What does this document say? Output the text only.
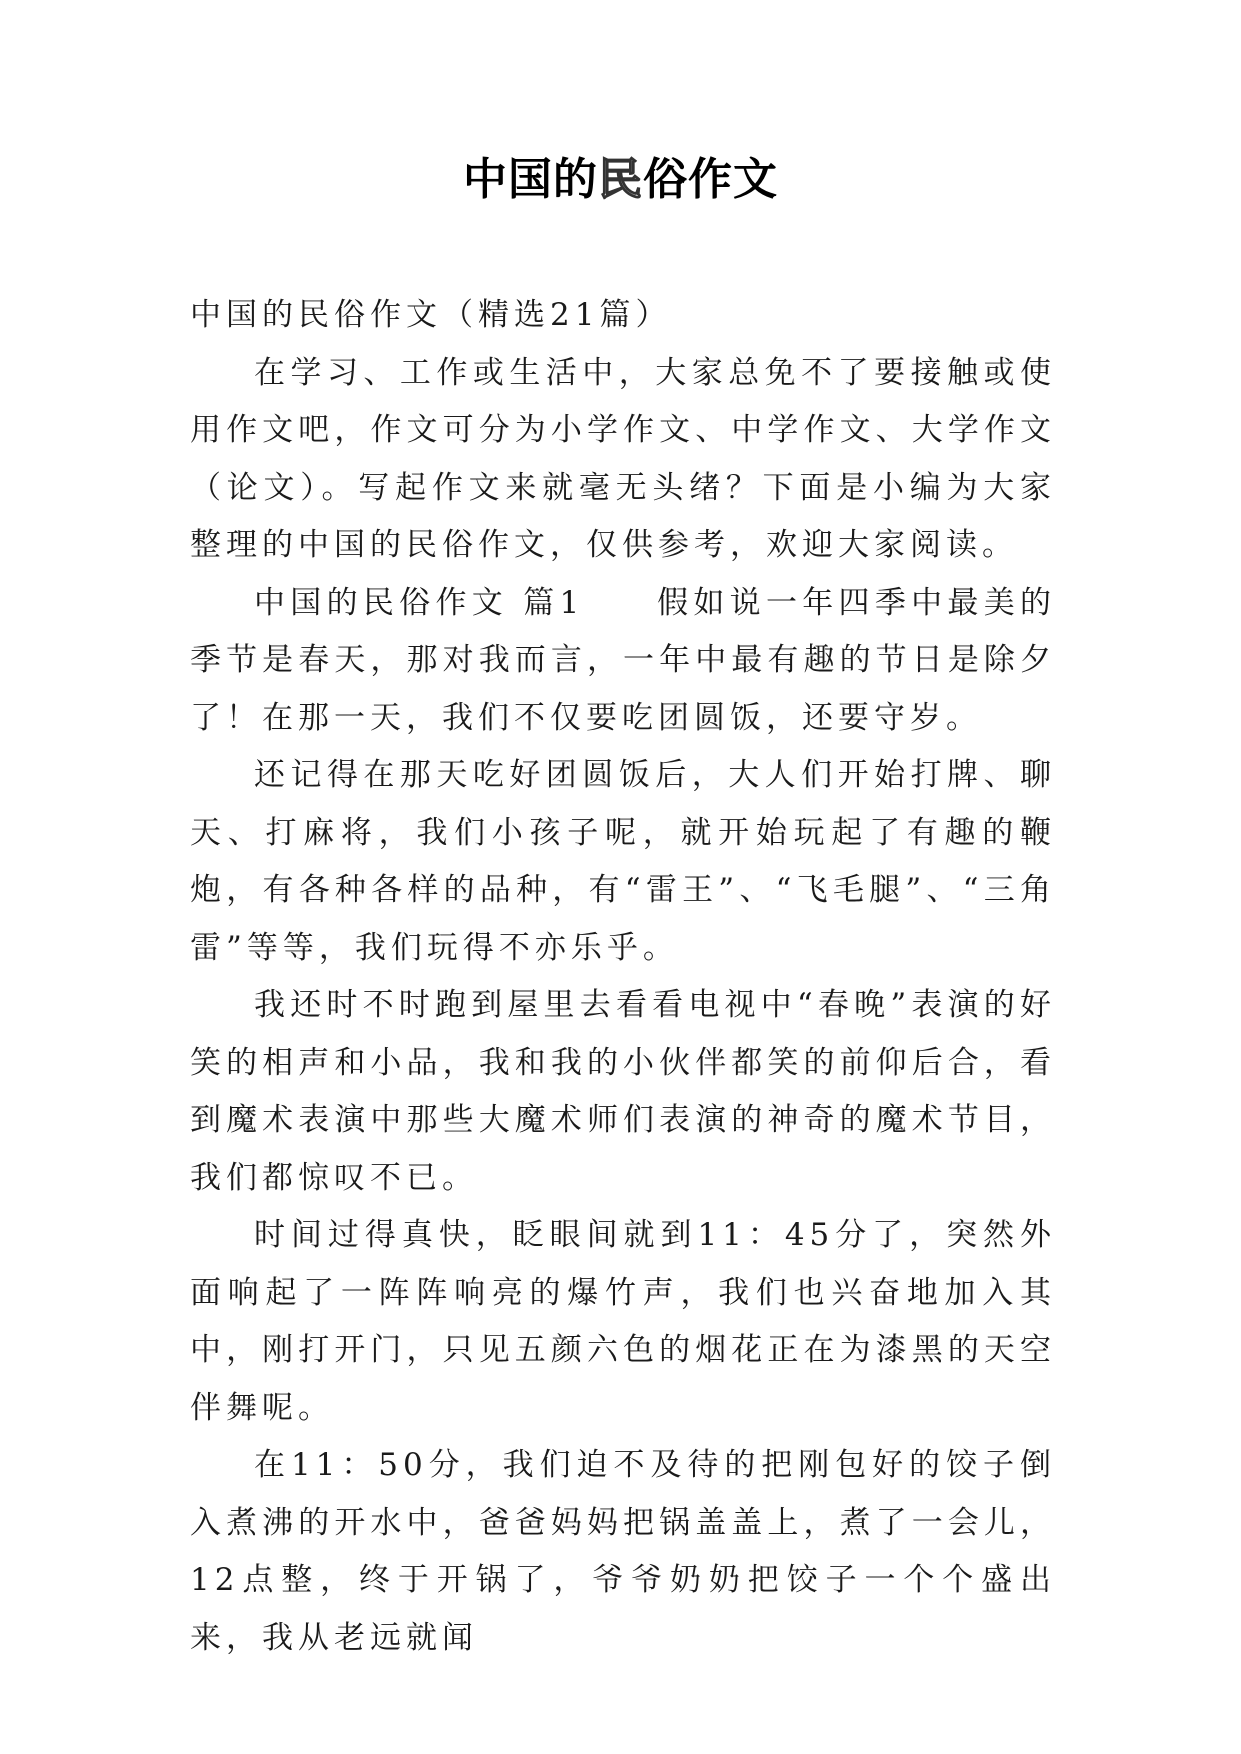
中国的民俗作文

中国的民俗作文（精选21篇）

在学习、工作或生活中，大家总免不了要接触或使用作文吧，作文可分为小学作文、中学作文、大学作文（论文）。写起作文来就毫无头绪？下面是小编为大家整理的中国的民俗作文，仅供参考，欢迎大家阅读。

中国的民俗作文 篇1　　假如说一年四季中最美的季节是春天，那对我而言，一年中最有趣的节日是除夕了！在那一天，我们不仅要吃团圆饭，还要守岁。

还记得在那天吃好团圆饭后，大人们开始打牌、聊天、打麻将，我们小孩子呢，就开始玩起了有趣的鞭炮，有各种各样的品种，有“雷王”、“飞毛腿”、“三角雷”等等，我们玩得不亦乐乎。

我还时不时跑到屋里去看看电视中“春晚”表演的好笑的相声和小品，我和我的小伙伴都笑的前仰后合，看到魔术表演中那些大魔术师们表演的神奇的魔术节目，我们都惊叹不已。

时间过得真快，眨眼间就到11：45分了，突然外面响起了一阵阵响亮的爆竹声，我们也兴奋地加入其中，刚打开门，只见五颜六色的烟花正在为漆黑的天空伴舞呢。

在11：50分，我们迫不及待的把刚包好的饺子倒入煮沸的开水中，爸爸妈妈把锅盖盖上，煮了一会儿，12点整，终于开锅了，爷爷奶奶把饺子一个个盛出来，我从老远就闻
